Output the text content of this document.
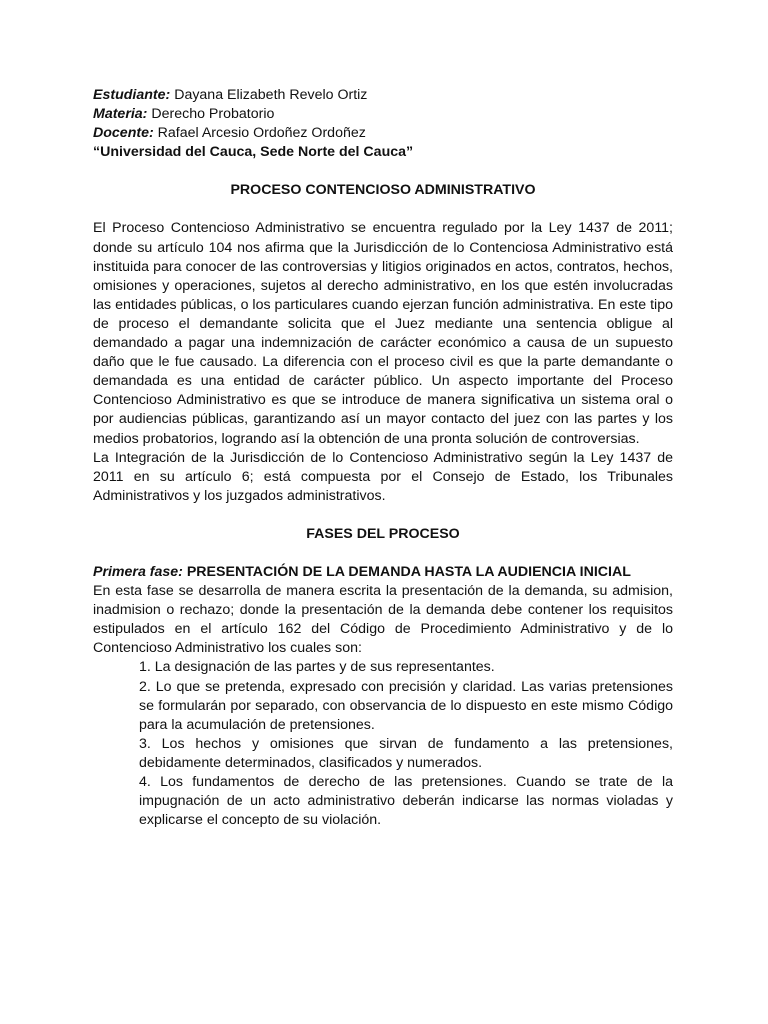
Estudiante: Dayana Elizabeth Revelo Ortiz

Materia: Derecho Probatorio

Docente: Rafael Arcesio Ordoñez Ordoñez

“Universidad del Cauca, Sede Norte del Cauca”

PROCESO CONTENCIOSO ADMINISTRATIVO

El Proceso Contencioso Administrativo se encuentra regulado por la Ley 1437 de 2011; donde su artículo 104 nos afirma que la Jurisdicción de lo Contenciosa Administrativo está instituida para conocer de las controversias y litigios originados en actos, contratos, hechos, omisiones y operaciones, sujetos al derecho administrativo, en los que estén involucradas las entidades públicas, o los particulares cuando ejerzan función administrativa. En este tipo de proceso el demandante solicita que el Juez mediante una sentencia obligue al demandado a pagar una indemnización de carácter económico a causa de un supuesto daño que le fue causado. La diferencia con el proceso civil es que la parte demandante o demandada es una entidad de carácter público. Un aspecto importante del Proceso Contencioso Administrativo es que se introduce de manera significativa un sistema oral o por audiencias públicas, garantizando así un mayor contacto del juez con las partes y los medios probatorios, logrando así la obtención de una pronta solución de controversias.

La Integración de la Jurisdicción de lo Contencioso Administrativo según la Ley 1437 de 2011 en su artículo 6; está compuesta por el Consejo de Estado, los Tribunales Administrativos y los juzgados administrativos.

FASES DEL PROCESO

Primera fase: PRESENTACIÓN DE LA DEMANDA HASTA LA AUDIENCIA INICIAL

En esta fase se desarrolla de manera escrita la presentación de la demanda, su admision, inadmision o rechazo; donde la presentación de la demanda debe contener los requisitos estipulados en el artículo 162 del Código de Procedimiento Administrativo y de lo Contencioso Administrativo los cuales son:

1. La designación de las partes y de sus representantes.
2. Lo que se pretenda, expresado con precisión y claridad. Las varias pretensiones se formularán por separado, con observancia de lo dispuesto en este mismo Código para la acumulación de pretensiones.
3. Los hechos y omisiones que sirvan de fundamento a las pretensiones, debidamente determinados, clasificados y numerados.
4. Los fundamentos de derecho de las pretensiones. Cuando se trate de la impugnación de un acto administrativo deberán indicarse las normas violadas y explicarse el concepto de su violación.
